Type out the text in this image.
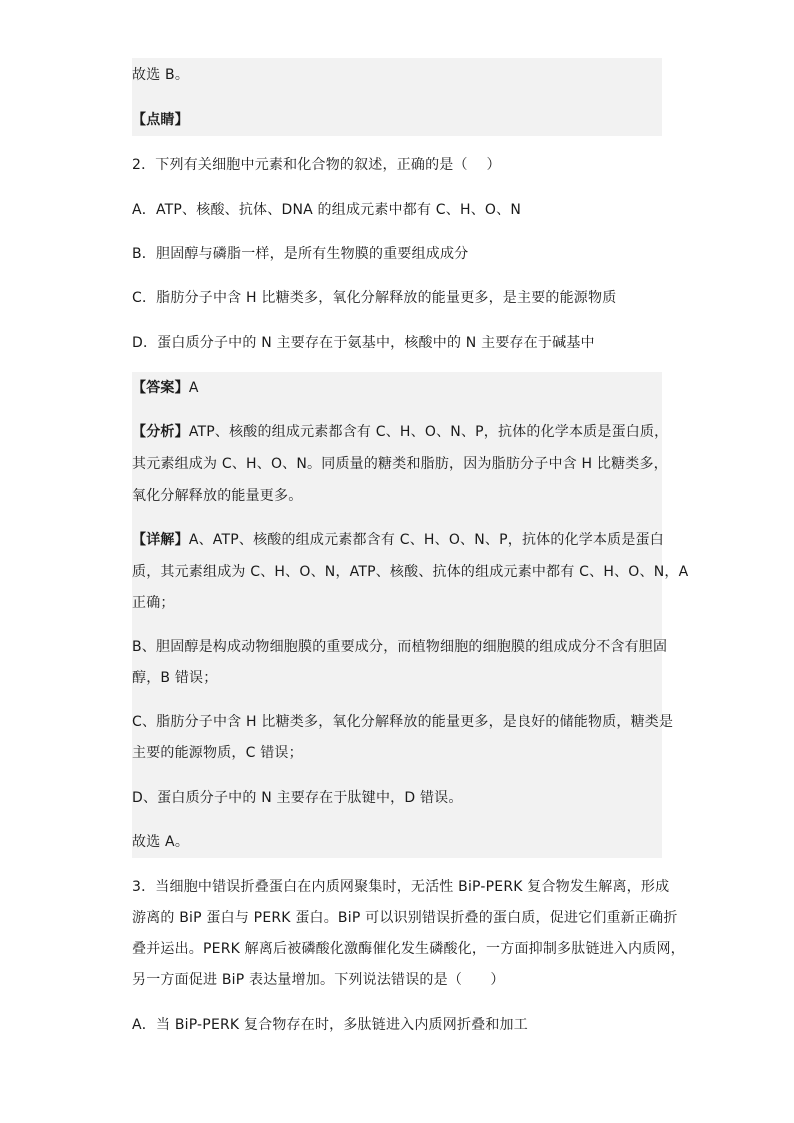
故选 B。
【点睛】
2．下列有关细胞中元素和化合物的叙述，正确的是（　 ）
A．ATP、核酸、抗体、DNA 的组成元素中都有 C、H、O、N
B．胆固醇与磷脂一样，是所有生物膜的重要组成成分
C．脂肪分子中含 H 比糖类多，氧化分解释放的能量更多，是主要的能源物质
D．蛋白质分子中的 N 主要存在于氨基中，核酸中的 N 主要存在于碱基中
【答案】A
【分析】ATP、核酸的组成元素都含有 C、H、O、N、P，抗体的化学本质是蛋白质，
其元素组成为 C、H、O、N。同质量的糖类和脂肪，因为脂肪分子中含 H 比糖类多，
氧化分解释放的能量更多。
【详解】A、ATP、核酸的组成元素都含有 C、H、O、N、P，抗体的化学本质是蛋白
质，其元素组成为 C、H、O、N，ATP、核酸、抗体的组成元素中都有 C、H、O、N，A
正确；
B、胆固醇是构成动物细胞膜的重要成分，而植物细胞的细胞膜的组成成分不含有胆固
醇，B 错误；
C、脂肪分子中含 H 比糖类多，氧化分解释放的能量更多，是良好的储能物质，糖类是
主要的能源物质，C 错误；
D、蛋白质分子中的 N 主要存在于肽键中，D 错误。
故选 A。
3．当细胞中错误折叠蛋白在内质网聚集时，无活性 BiP-PERK 复合物发生解离，形成
游离的 BiP 蛋白与 PERK 蛋白。BiP 可以识别错误折叠的蛋白质，促进它们重新正确折
叠并运出。PERK 解离后被磷酸化激酶催化发生磷酸化，一方面抑制多肽链进入内质网，
另一方面促进 BiP 表达量增加。下列说法错误的是（　　）
A．当 BiP-PERK 复合物存在时，多肽链进入内质网折叠和加工
